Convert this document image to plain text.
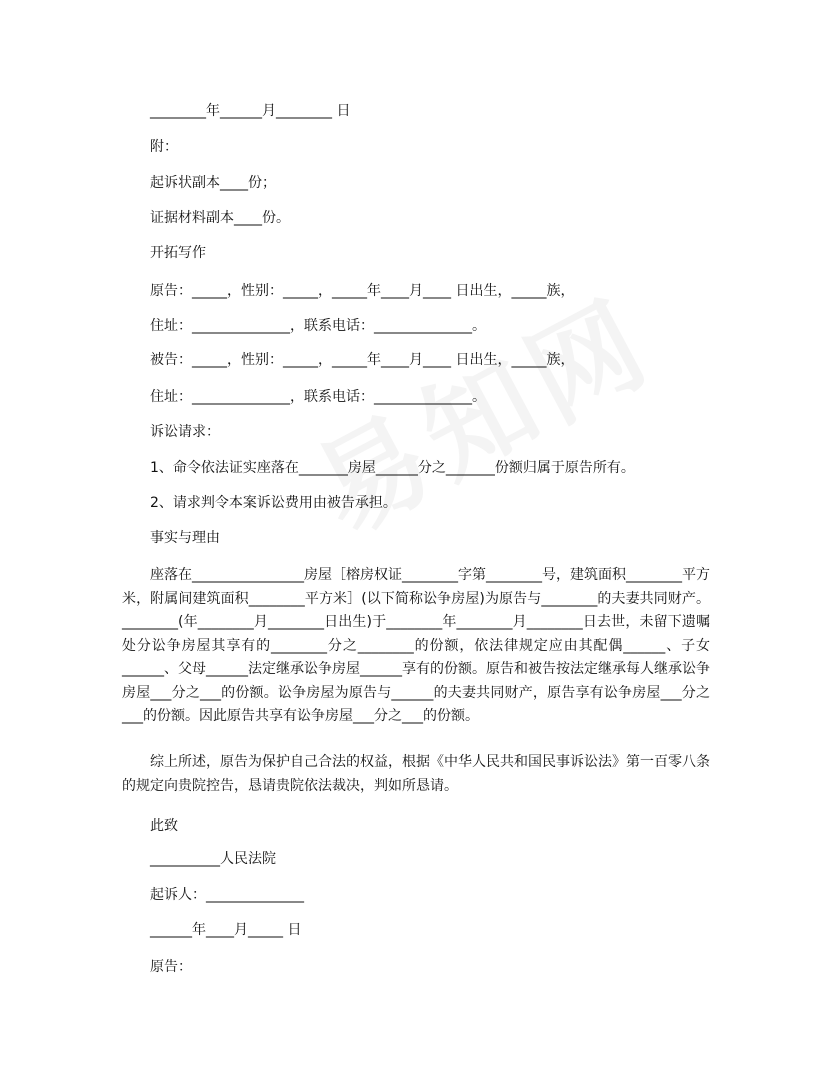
________年______月________ 日
附：
起诉状副本____份；
证据材料副本____份。
开拓写作
原告：_____，性别：_____，_____年____月____ 日出生，_____族，
住址：______________，联系电话：______________。
被告：_____，性别：_____，_____年____月____ 日出生，_____族，
住址：______________，联系电话：______________。
诉讼请求：
1、命令依法证实座落在_______房屋______分之_______份额归属于原告所有。
2、请求判令本案诉讼费用由被告承担。
事实与理由
座落在________________房屋［榕房权证________字第________号，建筑面积________平方米，附属间建筑面积________平方米］(以下简称讼争房屋)为原告与________的夫妻共同财产。________(年________月________日出生)于________年________月________日去世，未留下遗嘱处分讼争房屋其享有的________分之________的份额，依法律规定应由其配偶______、子女______、父母______法定继承讼争房屋______享有的份额。原告和被告按法定继承每人继承讼争房屋___分之___的份额。讼争房屋为原告与______的夫妻共同财产，原告享有讼争房屋___分之___的份额。因此原告共享有讼争房屋___分之___的份额。
综上所述，原告为保护自己合法的权益，根据《中华人民共和国民事诉讼法》第一百零八条的规定向贵院控告，恳请贵院依法裁决，判如所恳请。
此致
__________人民法院
起诉人：______________
______年____月_____ 日
原告：
